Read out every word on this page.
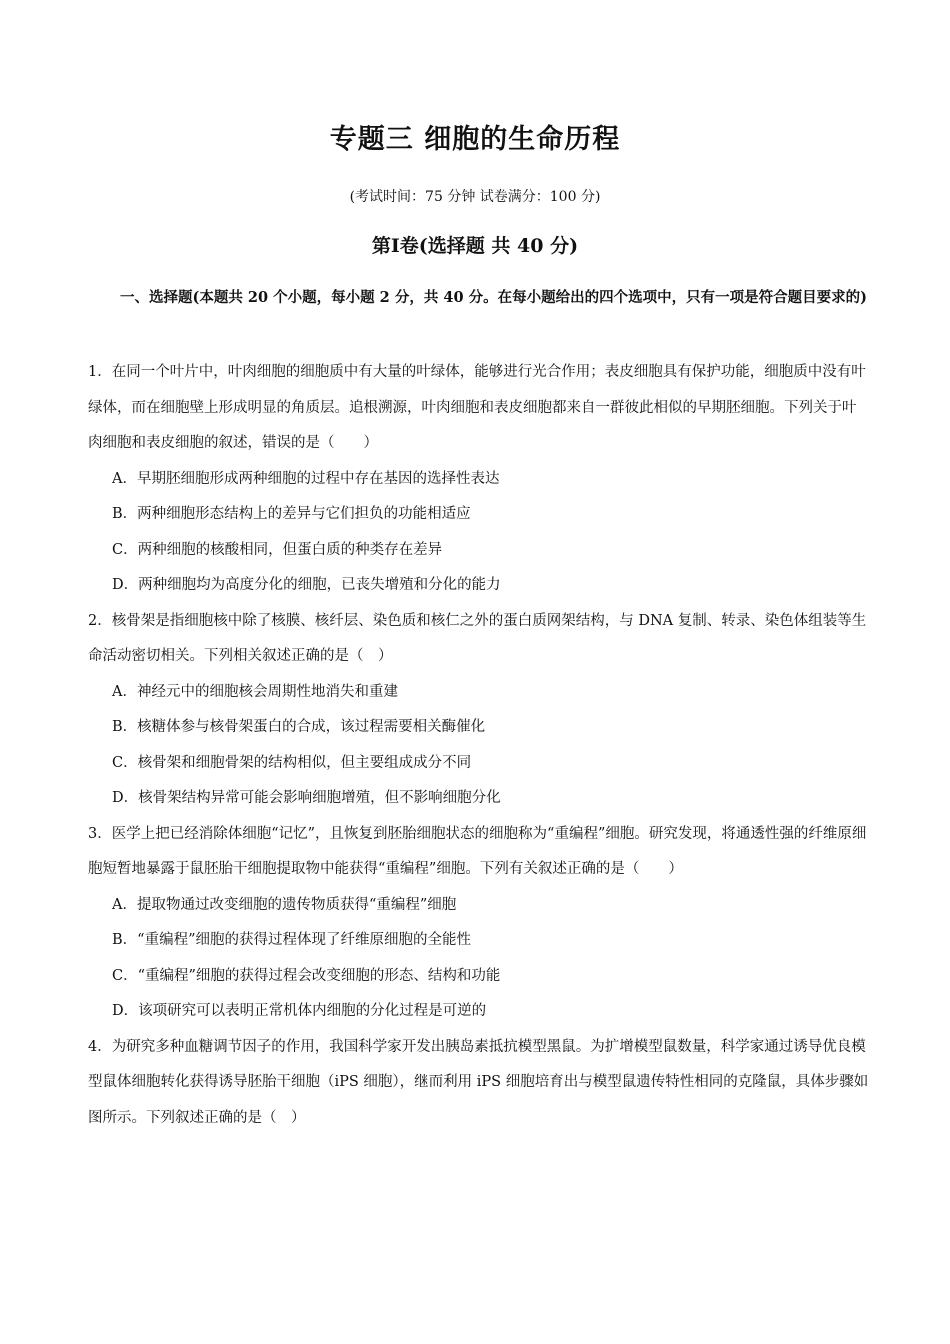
专题三 细胞的生命历程
(考试时间：75 分钟 试卷满分：100 分)
第Ⅰ卷(选择题 共 40 分)
一、选择题(本题共 20 个小题，每小题 2 分，共 40 分。在每小题给出的四个选项中，只有一项是符合题目要求的)

1．在同一个叶片中，叶肉细胞的细胞质中有大量的叶绿体，能够进行光合作用；表皮细胞具有保护功能，细胞质中没有叶绿体，而在细胞壁上形成明显的角质层。追根溯源，叶肉细胞和表皮细胞都来自一群彼此相似的早期胚细胞。下列关于叶肉细胞和表皮细胞的叙述，错误的是（　　）

A．早期胚细胞形成两种细胞的过程中存在基因的选择性表达

B．两种细胞形态结构上的差异与它们担负的功能相适应

C．两种细胞的核酸相同，但蛋白质的种类存在差异

D．两种细胞均为高度分化的细胞，已丧失增殖和分化的能力

2．核骨架是指细胞核中除了核膜、核纤层、染色质和核仁之外的蛋白质网架结构，与 DNA 复制、转录、染色体组装等生命活动密切相关。下列相关叙述正确的是（　）

A．神经元中的细胞核会周期性地消失和重建

B．核糖体参与核骨架蛋白的合成，该过程需要相关酶催化

C．核骨架和细胞骨架的结构相似，但主要组成成分不同

D．核骨架结构异常可能会影响细胞增殖，但不影响细胞分化

3．医学上把已经消除体细胞“记忆”，且恢复到胚胎细胞状态的细胞称为“重编程”细胞。研究发现，将通透性强的纤维原细胞短暂地暴露于鼠胚胎干细胞提取物中能获得“重编程”细胞。下列有关叙述正确的是（　　）

A．提取物通过改变细胞的遗传物质获得“重编程”细胞

B．“重编程”细胞的获得过程体现了纤维原细胞的全能性

C．“重编程”细胞的获得过程会改变细胞的形态、结构和功能

D．该项研究可以表明正常机体内细胞的分化过程是可逆的

4．为研究多种血糖调节因子的作用，我国科学家开发出胰岛素抵抗模型黑鼠。为扩增模型鼠数量，科学家通过诱导优良模型鼠体细胞转化获得诱导胚胎干细胞（iPS 细胞），继而利用 iPS 细胞培育出与模型鼠遗传特性相同的克隆鼠，具体步骤如图所示。下列叙述正确的是（　）
